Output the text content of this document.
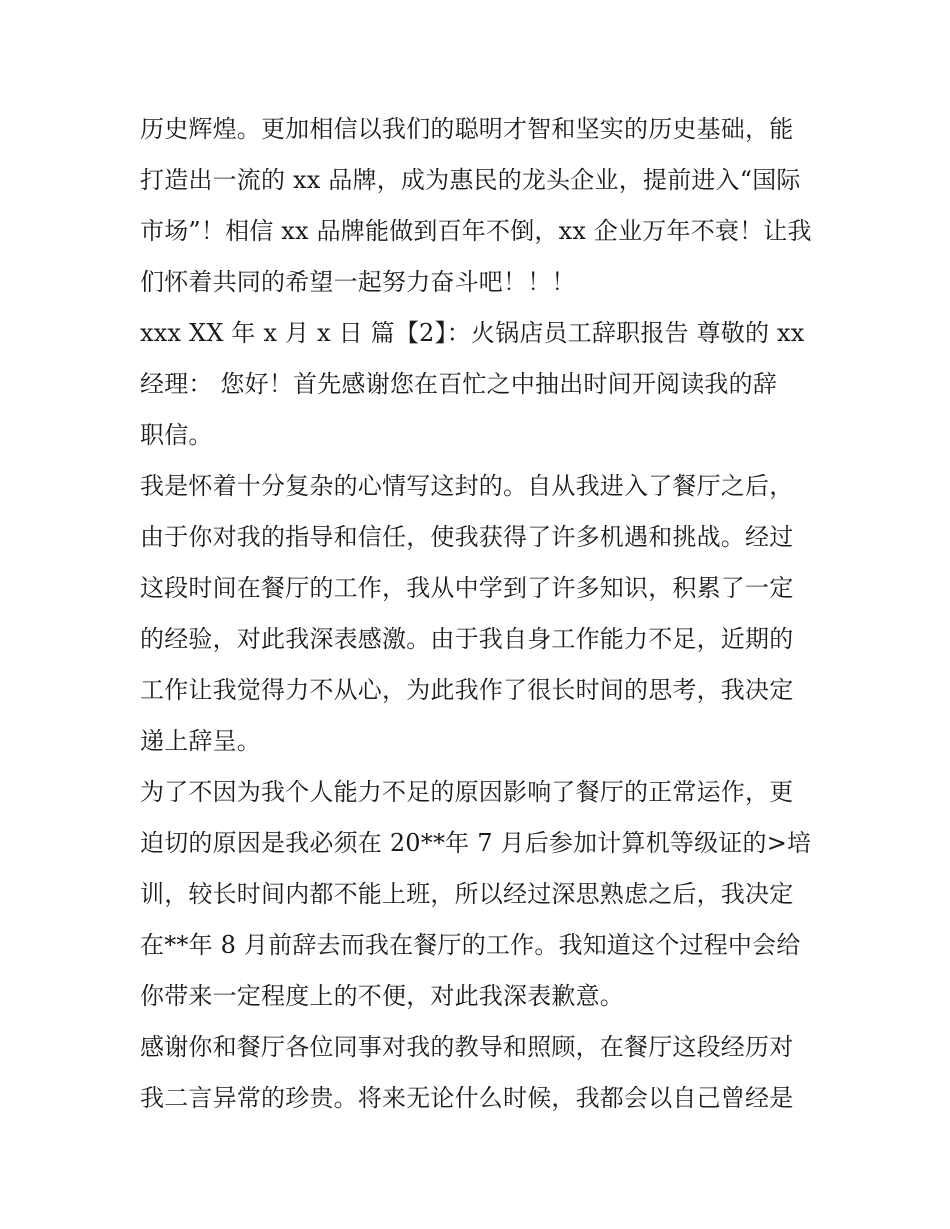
历史辉煌。更加相信以我们的聪明才智和坚实的历史基础，能
打造出一流的 xx 品牌，成为惠民的龙头企业，提前进入“国际
市场”！相信 xx 品牌能做到百年不倒，xx 企业万年不衰！让我
们怀着共同的希望一起努力奋斗吧！！！
xxx XX 年 x 月 x 日 篇【2】：火锅店员工辞职报告 尊敬的 xx
经理： 您好！首先感谢您在百忙之中抽出时间开阅读我的辞
职信。
我是怀着十分复杂的心情写这封的。自从我进入了餐厅之后，
由于你对我的指导和信任，使我获得了许多机遇和挑战。经过
这段时间在餐厅的工作，我从中学到了许多知识，积累了一定
的经验，对此我深表感激。由于我自身工作能力不足，近期的
工作让我觉得力不从心，为此我作了很长时间的思考，我决定
递上辞呈。
为了不因为我个人能力不足的原因影响了餐厅的正常运作，更
迫切的原因是我必须在 20**年 7 月后参加计算机等级证的>培
训，较长时间内都不能上班，所以经过深思熟虑之后，我决定
在**年 8 月前辞去而我在餐厅的工作。我知道这个过程中会给
你带来一定程度上的不便，对此我深表歉意。
感谢你和餐厅各位同事对我的教导和照顾，在餐厅这段经历对
我二言异常的珍贵。将来无论什么时候，我都会以自己曾经是
